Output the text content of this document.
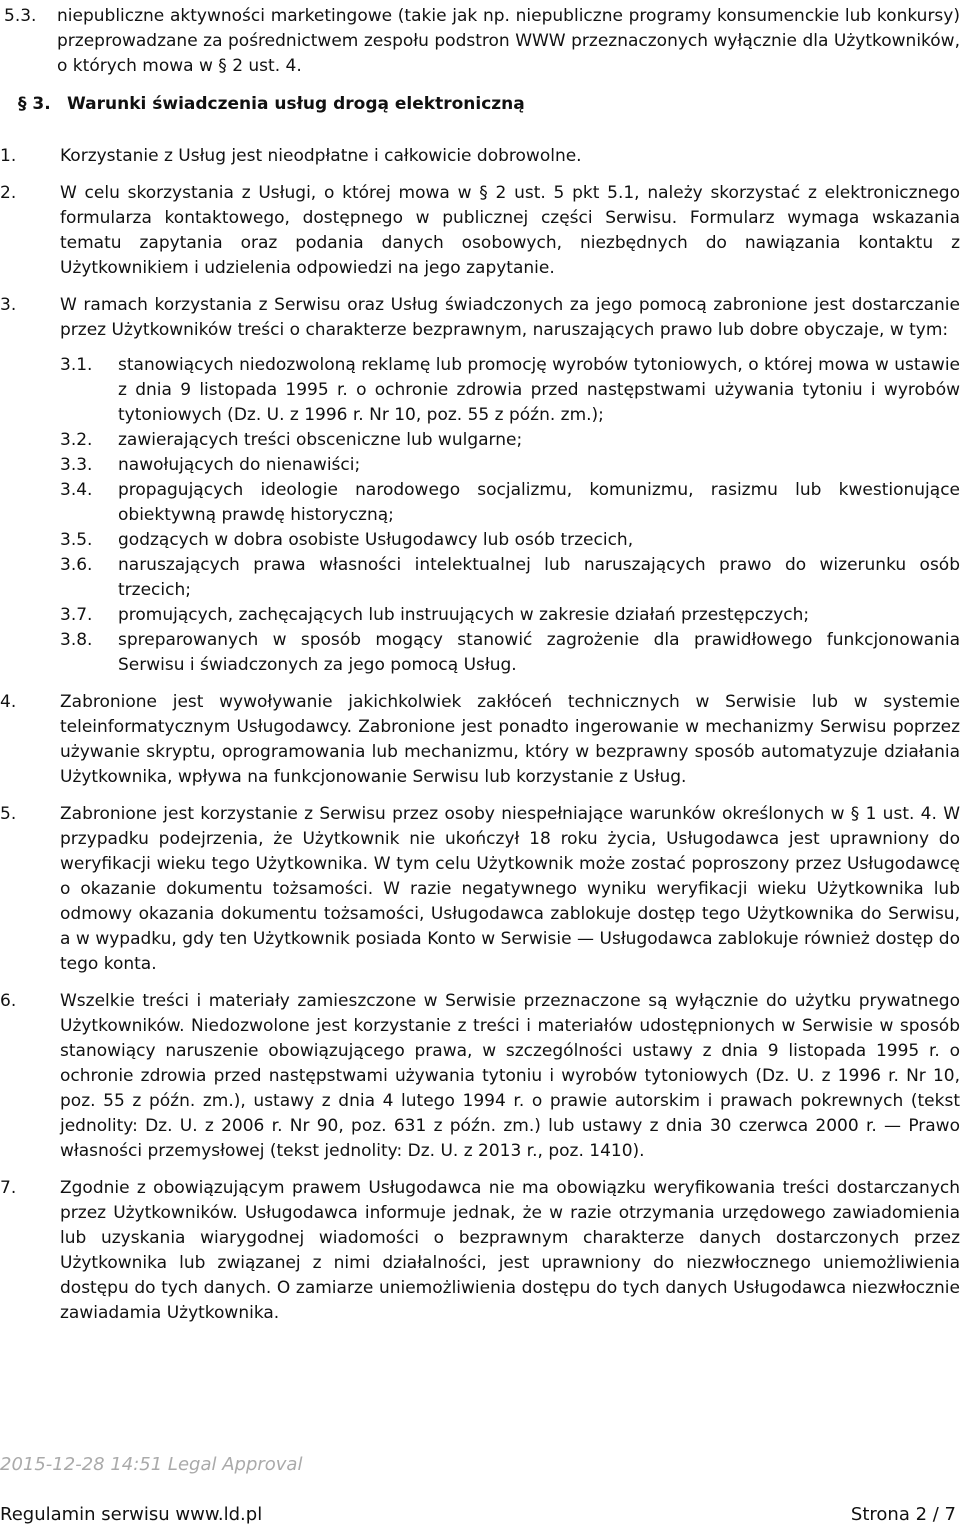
5.3.	niepubliczne aktywności marketingowe (takie jak np. niepubliczne programy konsumenckie lub konkursy) przeprowadzane za pośrednictwem zespołu podstron WWW przeznaczonych wyłącznie dla Użytkowników, o których mowa w § 2 ust. 4.

§ 3. Warunki świadczenia usług drogą elektroniczną
1.	Korzystanie z Usług jest nieodpłatne i całkowicie dobrowolne.

2.	W celu skorzystania z Usługi, o której mowa w § 2 ust. 5 pkt 5.1, należy skorzystać z elektronicznego formularza kontaktowego, dostępnego w publicznej części Serwisu. Formularz wymaga wskazania tematu zapytania oraz podania danych osobowych, niezbędnych do nawiązania kontaktu z Użytkownikiem i udzielenia odpowiedzi na jego zapytanie.

3.	W ramach korzystania z Serwisu oraz Usług świadczonych za jego pomocą zabronione jest dostarczanie przez Użytkowników treści o charakterze bezprawnym, naruszających prawo lub dobre obyczaje, w tym:

3.1.	stanowiących niedozwoloną reklamę lub promocję wyrobów tytoniowych, o której mowa w ustawie z dnia 9 listopada 1995 r. o ochronie zdrowia przed następstwami używania tytoniu i wyrobów tytoniowych (Dz. U. z 1996 r. Nr 10, poz. 55 z późn. zm.);

3.2.	zawierających treści obsceniczne lub wulgarne;

3.3.	nawołujących do nienawiści;

3.4.	propagujących ideologie narodowego socjalizmu, komunizmu, rasizmu lub kwestionujące obiektywną prawdę historyczną;

3.5.	godzących w dobra osobiste Usługodawcy lub osób trzecich,

3.6.	naruszających prawa własności intelektualnej lub naruszających prawo do wizerunku osób trzecich;

3.7.	promujących, zachęcających lub instruujących w zakresie działań przestępczych;

3.8.	spreparowanych w sposób mogący stanowić zagrożenie dla prawidłowego funkcjonowania Serwisu i świadczonych za jego pomocą Usług.

4.	Zabronione jest wywoływanie jakichkolwiek zakłóceń technicznych w Serwisie lub w systemie teleinformatycznym Usługodawcy. Zabronione jest ponadto ingerowanie w mechanizmy Serwisu poprzez używanie skryptu, oprogramowania lub mechanizmu, który w bezprawny sposób automatyzuje działania Użytkownika, wpływa na funkcjonowanie Serwisu lub korzystanie z Usług.

5.	Zabronione jest korzystanie z Serwisu przez osoby niespełniające warunków określonych w § 1 ust. 4. W przypadku podejrzenia, że Użytkownik nie ukończył 18 roku życia, Usługodawca jest uprawniony do weryfikacji wieku tego Użytkownika. W tym celu Użytkownik może zostać poproszony przez Usługodawcę o okazanie dokumentu tożsamości. W razie negatywnego wyniku weryfikacji wieku Użytkownika lub odmowy okazania dokumentu tożsamości, Usługodawca zablokuje dostęp tego Użytkownika do Serwisu, a w wypadku, gdy ten Użytkownik posiada Konto w Serwisie — Usługodawca zablokuje również dostęp do tego konta.

6.	Wszelkie treści i materiały zamieszczone w Serwisie przeznaczone są wyłącznie do użytku prywatnego Użytkowników. Niedozwolone jest korzystanie z treści i materiałów udostępnionych w Serwisie w sposób stanowiący naruszenie obowiązującego prawa, w szczególności ustawy z dnia 9 listopada 1995 r. o ochronie zdrowia przed następstwami używania tytoniu i wyrobów tytoniowych (Dz. U. z 1996 r. Nr 10, poz. 55 z późn. zm.), ustawy z dnia 4 lutego 1994 r. o prawie autorskim i prawach pokrewnych (tekst jednolity: Dz. U. z 2006 r. Nr 90, poz. 631 z późn. zm.) lub ustawy z dnia 30 czerwca 2000 r. — Prawo własności przemysłowej (tekst jednolity: Dz. U. z 2013 r., poz. 1410).

7.	Zgodnie z obowiązującym prawem Usługodawca nie ma obowiązku weryfikowania treści dostarczanych przez Użytkowników. Usługodawca informuje jednak, że w razie otrzymania urzędowego zawiadomienia lub uzyskania wiarygodnej wiadomości o bezprawnym charakterze danych dostarczonych przez Użytkownika lub związanej z nimi działalności, jest uprawniony do niezwłocznego uniemożliwienia dostępu do tych danych. O zamiarze uniemożliwienia dostępu do tych danych Usługodawca niezwłocznie zawiadamia Użytkownika.

2015-12-28 14:51 Legal Approval
Regulamin serwisu www.ld.pl	Strona 2 / 7
